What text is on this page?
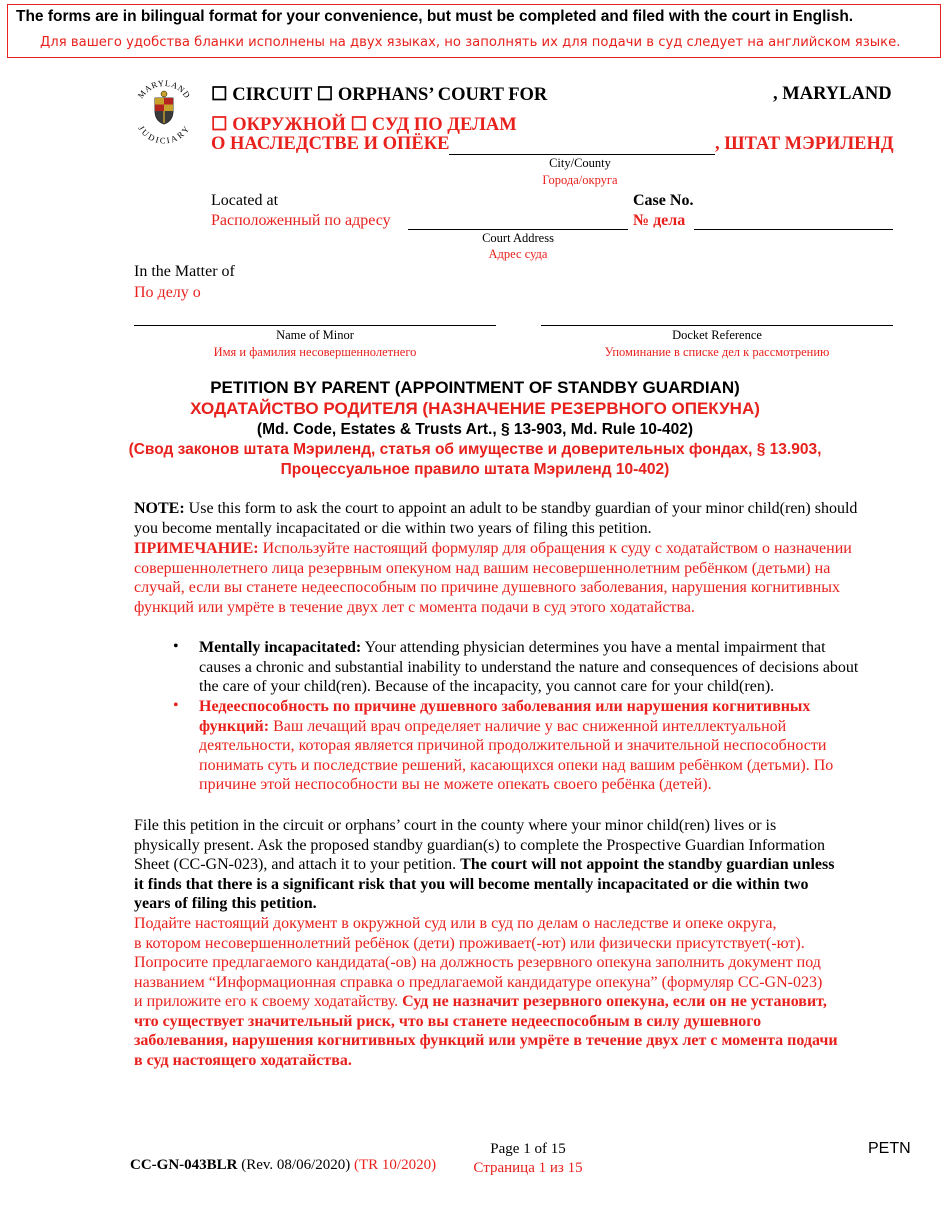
The forms are in bilingual format for your convenience, but must be completed and filed with the court in English.
Для вашего удобства бланки исполнены на двух языках, но заполнять их для подачи в суд следует на английском языке.
MARYLAND
JUDICIARY
☐ CIRCUIT ☐ ORPHANS’ COURT FOR	, MARYLAND
☐ ОКРУЖНОЙ ☐ СУД ПО ДЕЛАМ
О НАСЛЕДСТВЕ И ОПЁКЕ	, ШТАТ МЭРИЛЕНД
City/County
Города/округа
Located at
Расположенный по адресу
Court Address
Адрес суда
Case No.
№ дела
In the Matter of
По делу о
Name of Minor
Имя и фамилия несовершеннолетнего
Docket Reference
Упоминание в списке дел к рассмотрению
PETITION BY PARENT (APPOINTMENT OF STANDBY GUARDIAN)
ХОДАТАЙСТВО РОДИТЕЛЯ (НАЗНАЧЕНИЕ РЕЗЕРВНОГО ОПЕКУНА)
(Md. Code, Estates & Trusts Art., § 13-903, Md. Rule 10-402)
(Свод законов штата Мэриленд, статья об имуществе и доверительных фондах, § 13.903,
Процессуальное правило штата Мэриленд 10-402)
NOTE: Use this form to ask the court to appoint an adult to be standby guardian of your minor child(ren) should
you become mentally incapacitated or die within two years of filing this petition.
ПРИМЕЧАНИЕ: Используйте настоящий формуляр для обращения к суду с ходатайством о назначении
совершеннолетнего лица резервным опекуном над вашим несовершеннолетним ребёнком (детьми) на
случай, если вы станете недееспособным по причине душевного заболевания, нарушения когнитивных
функций или умрёте в течение двух лет с момента подачи в суд этого ходатайства.
• Mentally incapacitated: Your attending physician determines you have a mental impairment that
causes a chronic and substantial inability to understand the nature and consequences of decisions about
the care of your child(ren). Because of the incapacity, you cannot care for your child(ren).
• Недееспособность по причине душевного заболевания или нарушения когнитивных
функций: Ваш лечащий врач определяет наличие у вас сниженной интеллектуальной
деятельности, которая является причиной продолжительной и значительной неспособности
понимать суть и последствие решений, касающихся опеки над вашим ребёнком (детьми). По
причине этой неспособности вы не можете опекать своего ребёнка (детей).
File this petition in the circuit or orphans’ court in the county where your minor child(ren) lives or is
physically present. Ask the proposed standby guardian(s) to complete the Prospective Guardian Information
Sheet (CC-GN-023), and attach it to your petition. The court will not appoint the standby guardian unless
it finds that there is a significant risk that you will become mentally incapacitated or die within two
years of filing this petition.
Подайте настоящий документ в окружной суд или в суд по делам о наследстве и опеке округа,
в котором несовершеннолетний ребёнок (дети) проживает(-ют) или физически присутствует(-ют).
Попросите предлагаемого кандидата(-ов) на должность резервного опекуна заполнить документ под
названием “Информационная справка о предлагаемой кандидатуре опекуна” (формуляр CC-GN-023)
и приложите его к своему ходатайству. Суд не назначит резервного опекуна, если он не установит,
что существует значительный риск, что вы станете недееспособным в силу душевного
заболевания, нарушения когнитивных функций или умрёте в течение двух лет с момента подачи
в суд настоящего ходатайства.
CC-GN-043BLR (Rev. 08/06/2020) (TR 10/2020)
Page 1 of 15
Страница 1 из 15
PETN
